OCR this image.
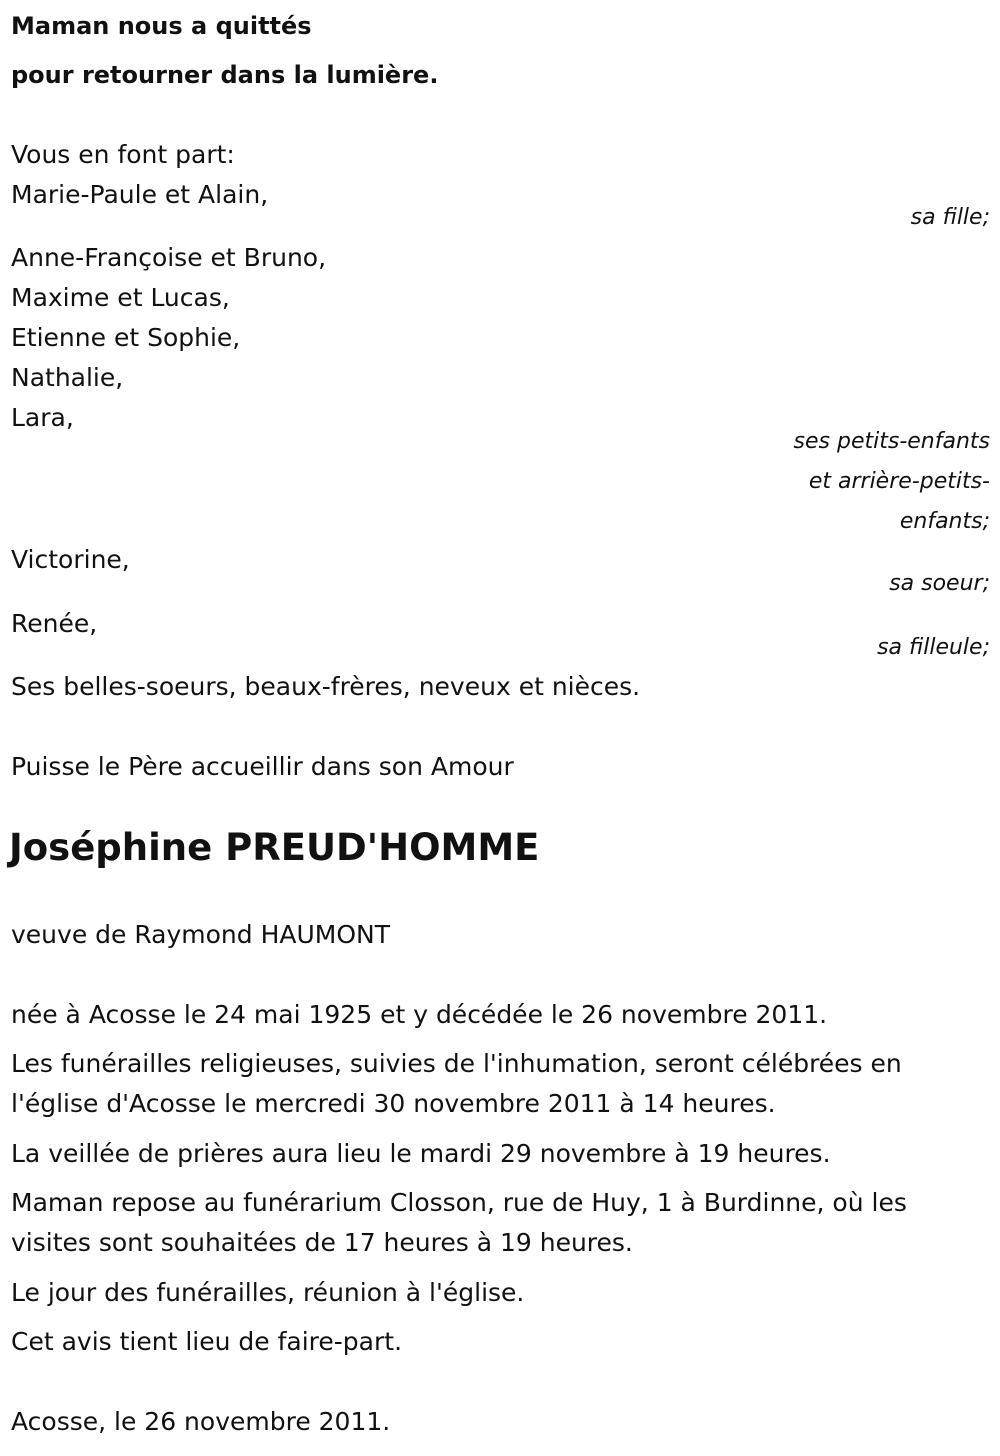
Maman nous a quittés
pour retourner dans la lumière.
Vous en font part:
Marie-Paule et Alain,
sa fille;
Anne-Françoise et Bruno,
Maxime et Lucas,
Etienne et Sophie,
Nathalie,
Lara,
ses petits-enfants
et arrière-petits-
enfants;
Victorine,
sa soeur;
Renée,
sa filleule;
Ses belles-soeurs, beaux-frères, neveux et nièces.
Puisse le Père accueillir dans son Amour
Joséphine PREUD'HOMME
veuve de Raymond HAUMONT
née à Acosse le 24 mai 1925 et y décédée le 26 novembre 2011.
Les funérailles religieuses, suivies de l'inhumation, seront célébrées en l'église d'Acosse le mercredi 30 novembre 2011 à 14 heures.
La veillée de prières aura lieu le mardi 29 novembre à 19 heures.
Maman repose au funérarium Closson, rue de Huy, 1 à Burdinne, où les visites sont souhaitées de 17 heures à 19 heures.
Le jour des funérailles, réunion à l'église.
Cet avis tient lieu de faire-part.
Acosse, le 26 novembre 2011.
